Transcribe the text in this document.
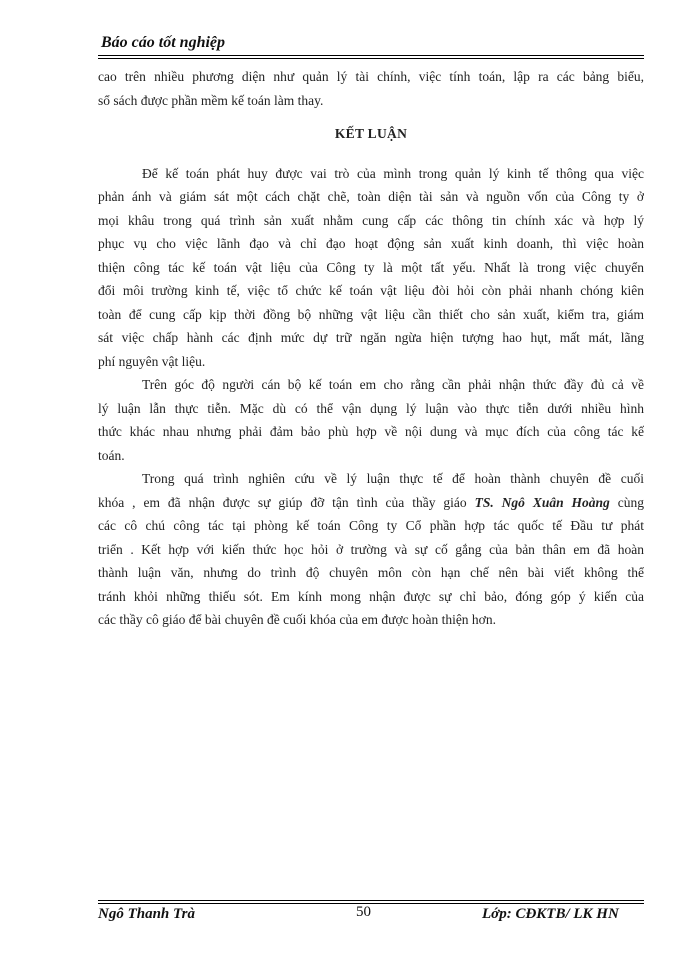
Báo cáo tốt nghiệp
cao trên nhiều phương diện như quản lý tài chính, việc tính toán, lập ra các bảng biểu,
sổ sách được phần mềm kế toán làm thay.
KẾT LUẬN
Để kế toán phát huy được vai trò của mình trong quản lý kinh tế thông qua việc
phản ánh và giám sát một cách chặt chẽ, toàn diện tài sản và nguồn vốn của Công ty ở
mọi khâu trong quá trình sản xuất nhằm cung cấp các thông tin chính xác và hợp lý
phục vụ cho việc lãnh đạo và chỉ đạo hoạt động sản xuất kinh doanh, thì việc hoàn
thiện công tác kế toán vật liệu của Công ty là một tất yếu. Nhất là trong việc chuyển
đổi môi trường kinh tế, việc tổ chức kế toán vật liệu đòi hỏi còn phải nhanh chóng kiên
toàn để cung cấp kịp thời đồng bộ những vật liệu cần thiết cho sản xuất, kiểm tra, giám
sát việc chấp hành các định mức dự trữ ngăn ngừa hiện tượng hao hụt, mất mát, lãng
phí nguyên vật liệu.
Trên góc độ người cán bộ kế toán em cho rằng cần phải nhận thức đầy đủ cả về
lý luận lẫn thực tiễn. Mặc dù có thể vận dụng lý luận vào thực tiễn dưới nhiều hình
thức khác nhau nhưng phải đảm bảo phù hợp về nội dung và mục đích của công tác kế
toán.
Trong quá trình nghiên cứu về lý luận thực tế để hoàn thành chuyên đề cuối
khóa , em đã nhận được sự giúp đỡ tận tình của thầy giáo TS. Ngô Xuân Hoàng cùng
các cô chú công tác tại phòng kế toán Công ty Cổ phần hợp tác quốc tế Đầu tư phát
triển . Kết hợp với kiến thức học hỏi ở trường và sự cố gắng của bản thân em đã hoàn
thành luận văn, nhưng do trình độ chuyên môn còn hạn chế nên bài viết không thể
tránh khỏi những thiếu sót. Em kính mong nhận được sự chỉ bảo, đóng góp ý kiến của
các thầy cô giáo để bài chuyên đề cuối khóa của em được hoàn thiện hơn.
Ngô Thanh Trà	50	Lớp: CĐKTB/ LK HN
